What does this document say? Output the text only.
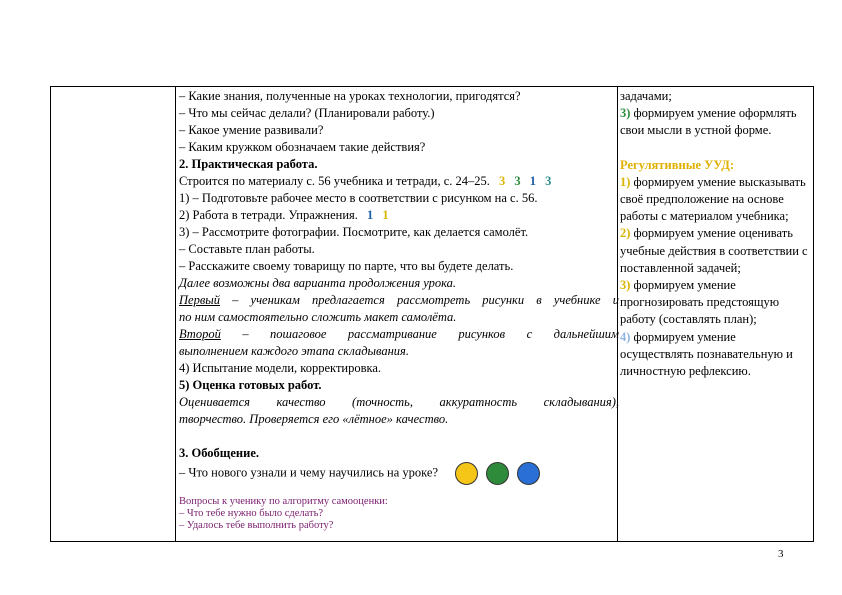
– Какие знания, полученные на уроках технологии, пригодятся?
– Что мы сейчас делали? (Планировали работу.)
– Какое умение развивали?
– Каким кружком обозначаем такие действия?
2. Практическая работа.
Строится по материалу с. 56 учебника и тетради, с. 24–25. 3 3 1 3
1) – Подготовьте рабочее место в соответствии с рисунком на с. 56.
2) Работа в тетради. Упражнения. 1 1
3) – Рассмотрите фотографии. Посмотрите, как делается самолёт.
– Составьте план работы.
– Расскажите своему товарищу по парте, что вы будете делать.
Далее возможны два варианта продолжения урока.
Первый – ученикам предлагается рассмотреть рисунки в учебнике и
по ним самостоятельно сложить макет самолёта.
Второй – пошаговое рассматривание рисунков с дальнейшим
выполнением каждого этапа складывания.
4) Испытание модели, корректировка.
5) Оценка готовых работ.
Оценивается качество (точность, аккуратность складывания),
творчество. Проверяется его «лётное» качество.
3. Обобщение.
– Что нового узнали и чему научились на уроке?
Вопросы к ученику по алгоритму самооценки:
– Что тебе нужно было сделать?
– Удалось тебе выполнить работу?
задачами;
3) формируем умение оформлять свои мысли в устной форме.
Регулятивные УУД:
1) формируем умение высказывать своё предположение на основе работы с материалом учебника;
2) формируем умение оценивать учебные действия в соответствии с поставленной задачей;
3) формируем умение прогнозировать предстоящую работу (составлять план);
4) формируем умение осуществлять познавательную и личностную рефлексию.
3
